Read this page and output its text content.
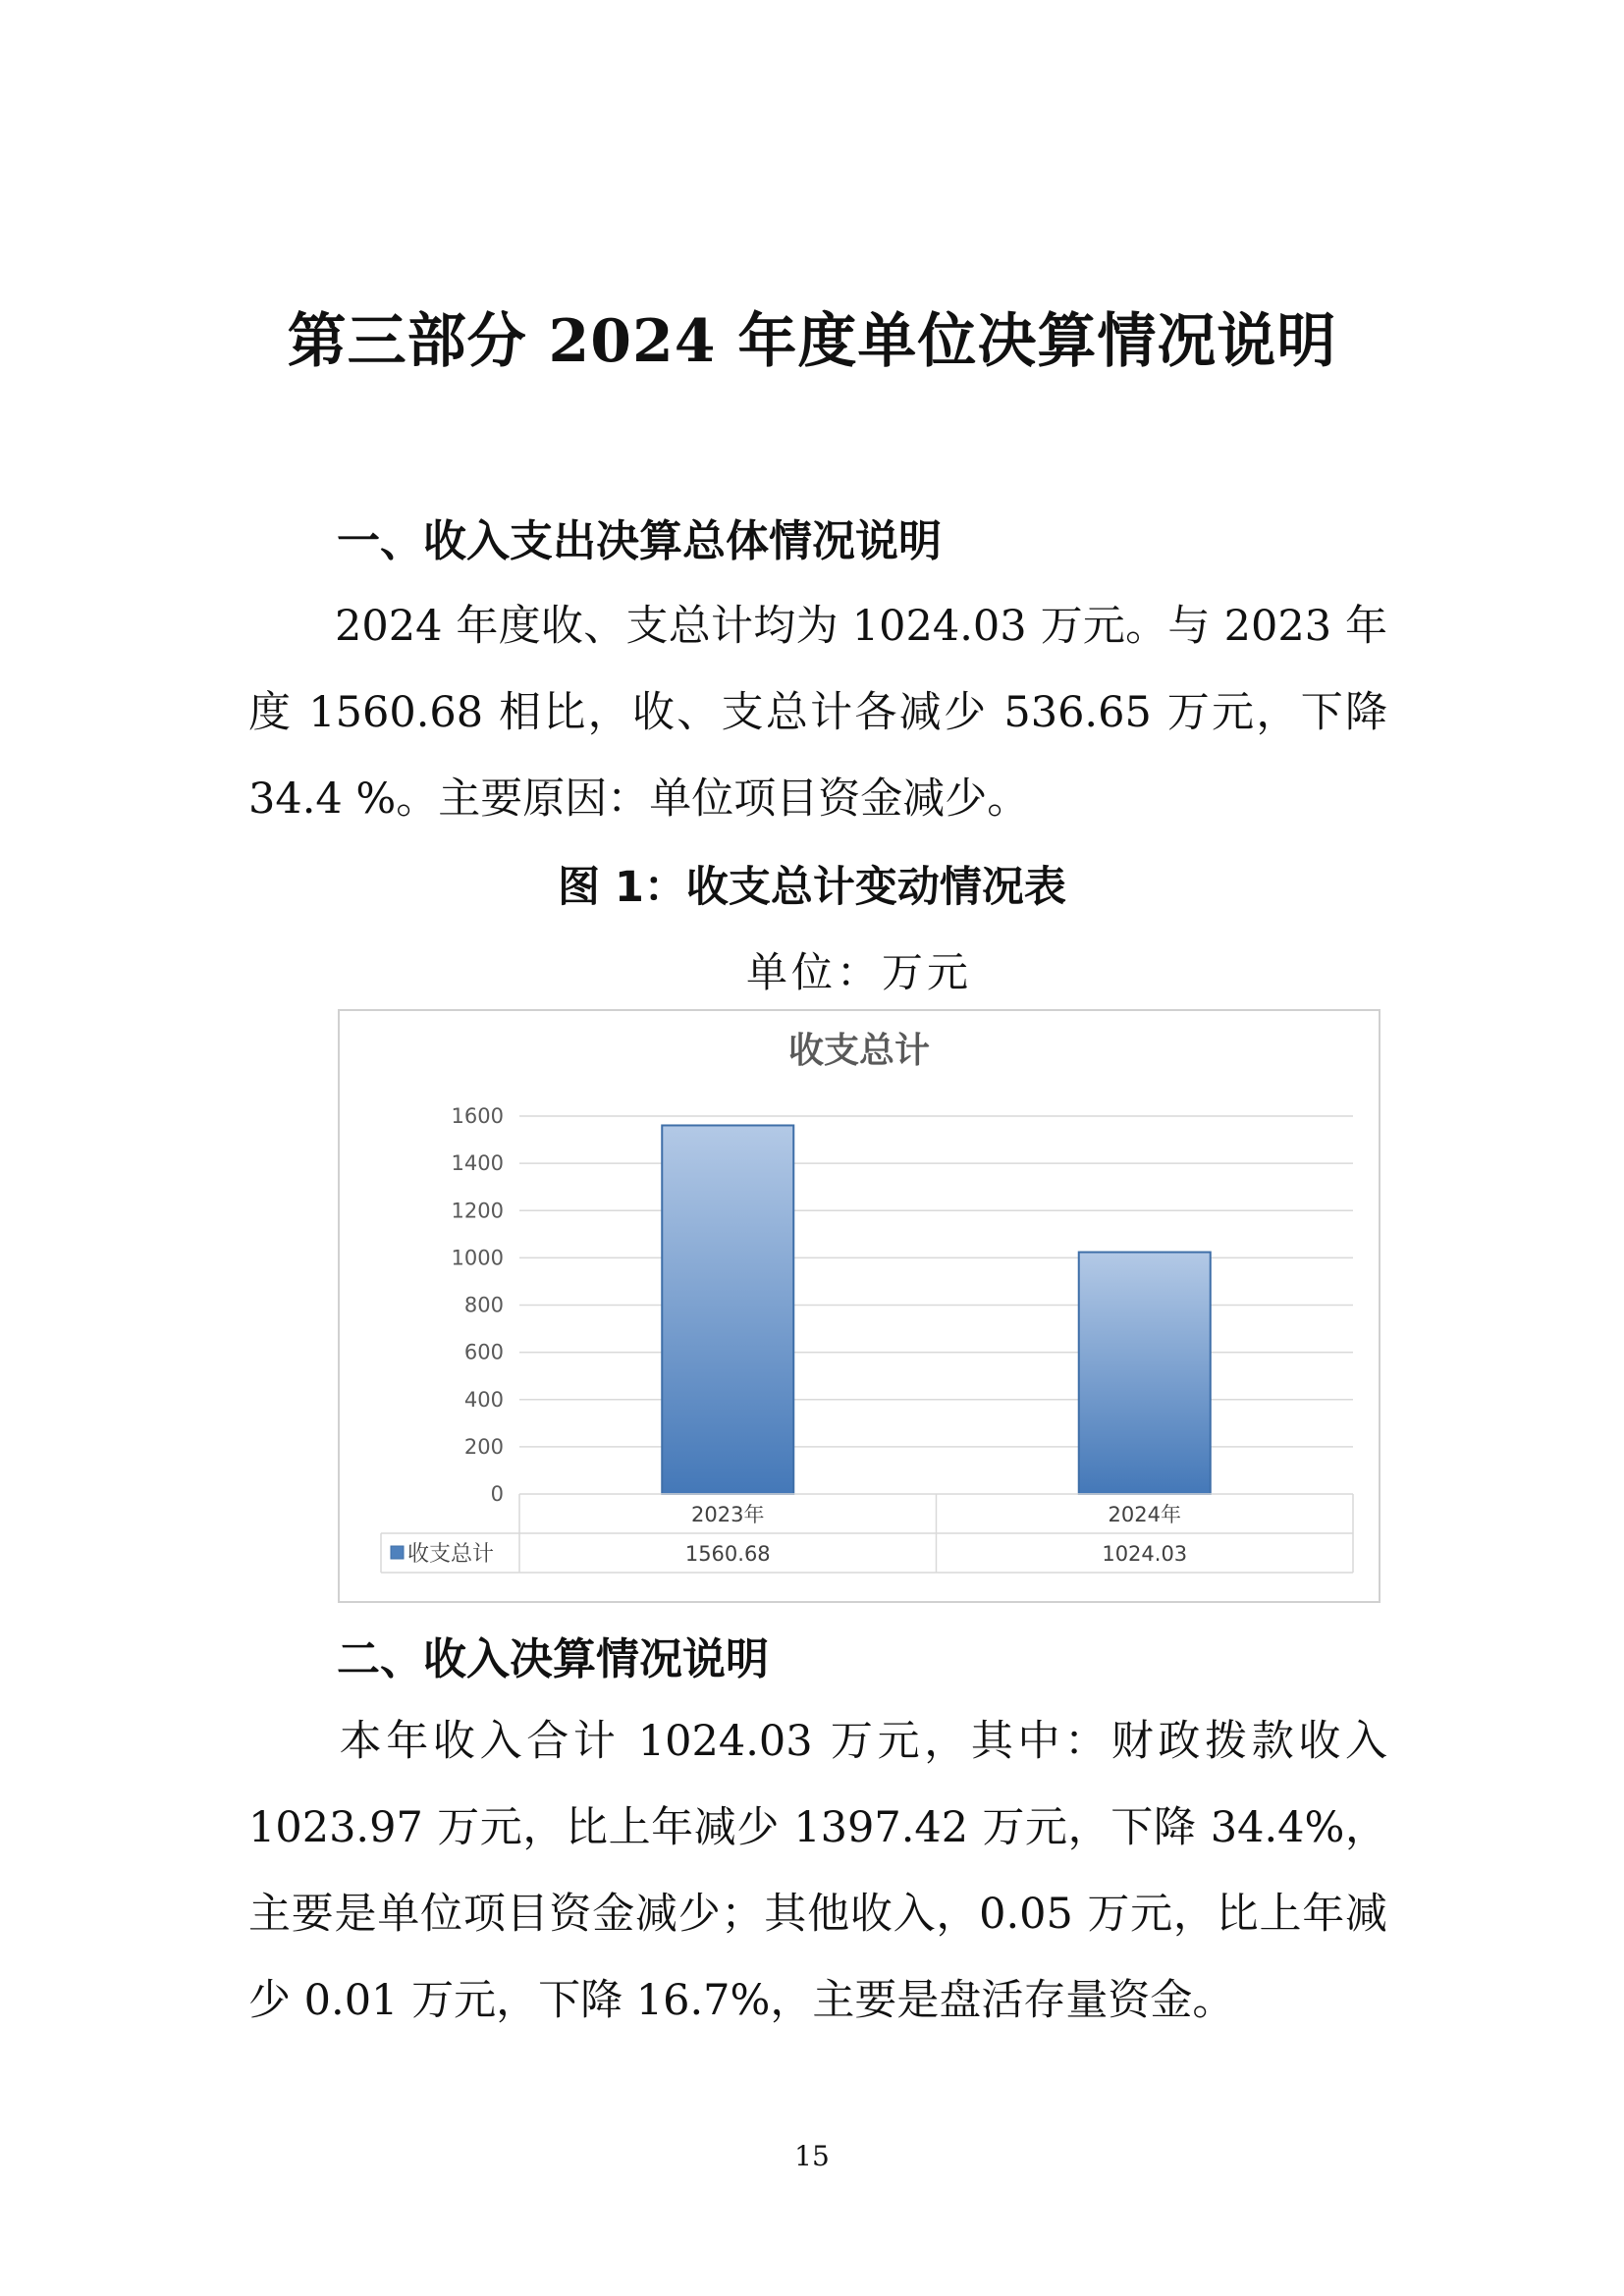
第三部分 2024 年度单位决算情况说明
一、收入支出决算总体情况说明
2024 年度收、支总计均为 1024.03 万元。与 2023 年度 1560.68 相比，收、支总计各减少 536.65 万元，下降 34.4 %。主要原因：单位项目资金减少。
图 1：收支总计变动情况表
单位：万元
收支总计
0
200
400
600
800
1000
1200
1400
1600
2023年
1560.68
2024年
1024.03
收支总计
二、收入决算情况说明
本年收入合计 1024.03 万元，其中：财政拨款收入 1023.97 万元，比上年减少 1397.42 万元，下降 34.4%，主要是单位项目资金减少；其他收入，0.05 万元，比上年减少 0.01 万元，下降 16.7%，主要是盘活存量资金。
15
